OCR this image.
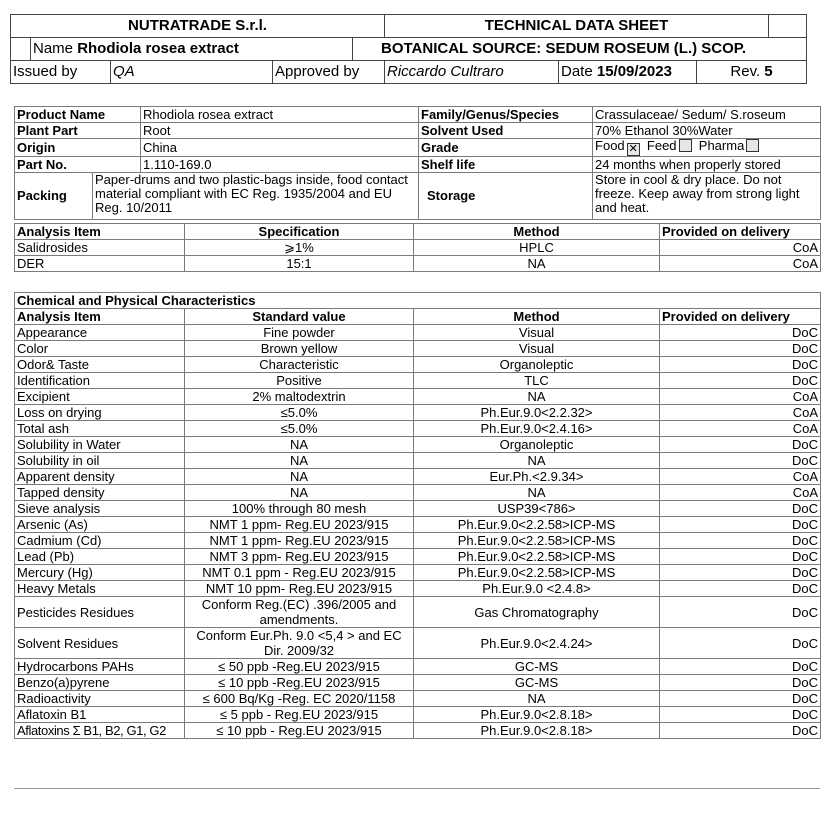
NUTRATRADE S.r.l.					TECHNICAL DATA SHEET			
	Name Rhodiola rosea extract			BOTANICAL SOURCE: SEDUM ROSEUM (L.) SCOP.				
Issued by		QA	Approved by		Riccardo Cultraro	Date 15/09/2023	Rev. 5	
Product Name		Rhodiola rosea extract	Family/Genus/Species	Crassulaceae/ Sedum/ S.roseum
Plant Part		Root	Solvent Used	70% Ethanol 30%Water
Origin		China	Grade	Food ✕ Feed Pharma
Part No.		1.110-169.0	Shelf life	24 months when properly stored
Packing	Paper-drums and two plastic-bags inside, food contact material compliant with EC Reg. 1935/2004 and EU Reg. 10/2011		Storage	Store in cool & dry place. Do not freeze. Keep away from strong light and heat.
Analysis Item	Specification	Method	Provided on delivery
Salidrosides	⩾1%	HPLC	CoA
DER	15:1	NA	CoA
Chemical and Physical Characteristics			
Analysis Item	Standard value	Method	Provided on delivery
Appearance	Fine powder	Visual	DoC
Color	Brown yellow	Visual	DoC
Odor& Taste	Characteristic	Organoleptic	DoC
Identification	Positive	TLC	DoC
Excipient	2% maltodextrin	NA	CoA
Loss on drying	≤5.0%	Ph.Eur.9.0<2.2.32>	CoA
Total ash	≤5.0%	Ph.Eur.9.0<2.4.16>	CoA
Solubility in Water	NA	Organoleptic	DoC
Solubility in oil	NA	NA	DoC
Apparent density	NA	Eur.Ph.<2.9.34>	CoA
Tapped density	NA	NA	CoA
Sieve analysis	100% through 80 mesh	USP39<786>	DoC
Arsenic (As)	NMT 1 ppm- Reg.EU 2023/915	Ph.Eur.9.0<2.2.58>ICP-MS	DoC
Cadmium (Cd)	NMT 1 ppm- Reg.EU 2023/915	Ph.Eur.9.0<2.2.58>ICP-MS	DoC
Lead (Pb)	NMT 3 ppm- Reg.EU 2023/915	Ph.Eur.9.0<2.2.58>ICP-MS	DoC
Mercury (Hg)	NMT 0.1 ppm - Reg.EU 2023/915	Ph.Eur.9.0<2.2.58>ICP-MS	DoC
Heavy Metals	NMT 10 ppm- Reg.EU 2023/915	Ph.Eur.9.0 <2.4.8>	DoC
Pesticides Residues	Conform Reg.(EC) .396/2005 and amendments.	Gas Chromatography	DoC
Solvent Residues	Conform Eur.Ph. 9.0 <5,4 > and EC Dir. 2009/32	Ph.Eur.9.0<2.4.24>	DoC
Hydrocarbons PAHs	≤ 50 ppb -Reg.EU 2023/915	GC-MS	DoC
Benzo(a)pyrene	≤ 10 ppb -Reg.EU 2023/915	GC-MS	DoC
Radioactivity	≤ 600 Bq/Kg -Reg. EC 2020/1158	NA	DoC
Aflatoxin B1	≤ 5 ppb - Reg.EU 2023/915	Ph.Eur.9.0<2.8.18>	DoC
Aflatoxins Σ B1, B2, G1, G2	≤ 10 ppb - Reg.EU 2023/915	Ph.Eur.9.0<2.8.18>	DoC
